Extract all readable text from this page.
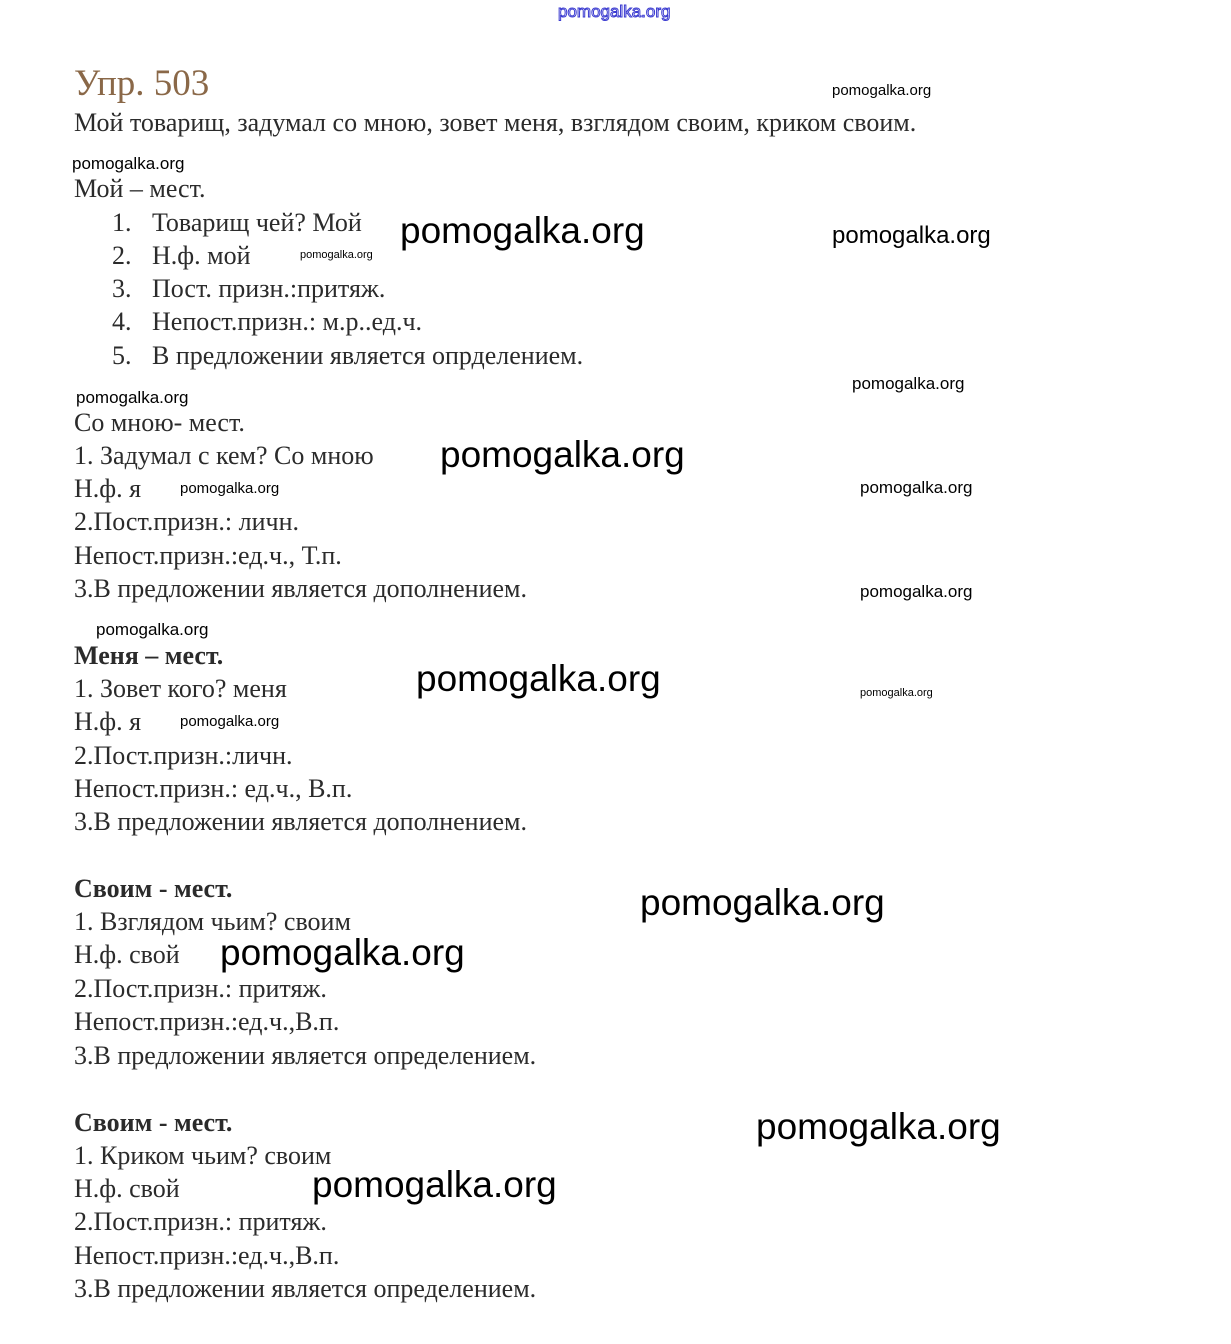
pomogalka.org
Упр. 503
Мой товарищ, задумал со мною, зовет меня, взглядом своим, криком своим.
Мой – мест.
1. Товарищ чей? Мой
2. Н.ф. мой
3. Пост. призн.:притяж.
4. Непост.призн.: м.р..ед.ч.
5. В предложении является опрделением.
Со мною- мест.
1. Задумал с кем? Со мною
Н.ф. я
2.Пост.призн.: личн.
Непост.призн.:ед.ч., Т.п.
3.В предложении является дополнением.
Меня – мест.
1. Зовет кого? меня
Н.ф. я
2.Пост.призн.:личн.
Непост.призн.: ед.ч., В.п.
3.В предложении является дополнением.
Своим - мест.
1. Взглядом чьим? своим
Н.ф. свой
2.Пост.призн.: притяж.
Непост.призн.:ед.ч.,В.п.
3.В предложении является определением.
Своим - мест.
1. Криком чьим? своим
Н.ф. свой
2.Пост.призн.: притяж.
Непост.призн.:ед.ч.,В.п.
3.В предложении является определением.
pomogalka.org
pomogalka.org
pomogalka.org	pomogalka.org
pomogalka.org
pomogalka.org
pomogalka.org
pomogalka.org
pomogalka.org
pomogalka.org
pomogalka.org
pomogalka.org
pomogalka.org	pomogalka.org
pomogalka.org
pomogalka.org
pomogalka.org
pomogalka.org
pomogalka.org
